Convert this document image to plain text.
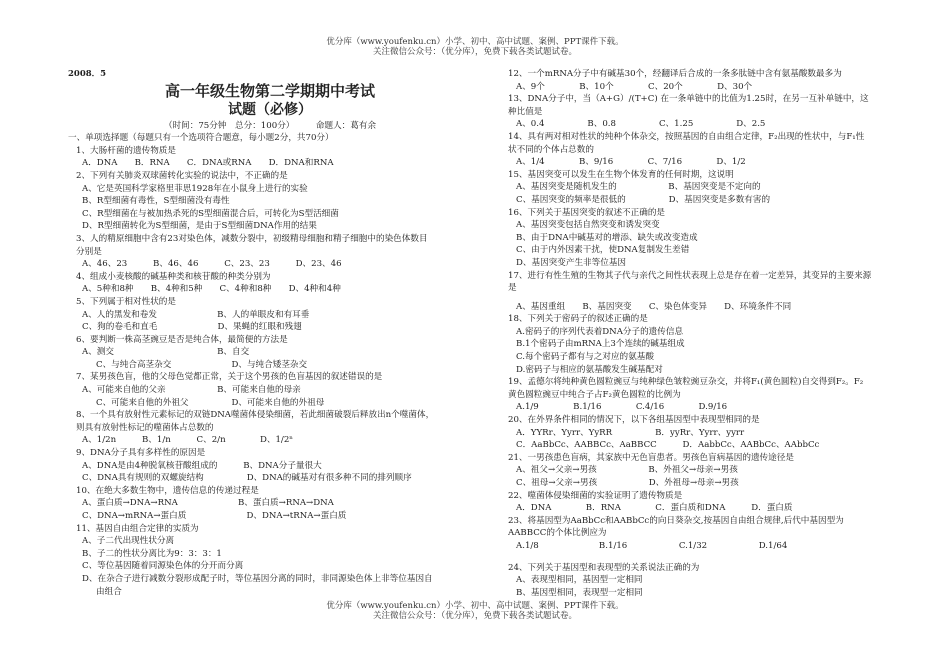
优分库（www.youfenku.cn）小学、初中、高中试题、案例、PPT课件下载。
关注微信公众号：（优分库），免费下载各类试题试卷。
2008．5
高一年级生物第二学期期中考试
试题（必修）
（时间：75分钟　总分：100分）　　　命题人：葛有余
一、单项选择题（每题只有一个选项符合题意，每小题2分，共70分）
1、大肠杆菌的遗传物质是
A．DNA　　B．RNA　　C．DNA或RNA　　D．DNA和RNA
2、下列有关肺炎双球菌转化实验的说法中，不正确的是
A、它是英国科学家格里菲思1928年在小鼠身上进行的实验
B、R型细菌有毒性，S型细菌没有毒性
C、R型细菌在与被加热杀死的S型细菌混合后，可转化为S型活细菌
D、R型细菌转化为S型细菌，是由于S型细菌DNA作用的结果
3、人的精原细胞中含有23对染色体，减数分裂中，初级精母细胞和精子细胞中的染色体数目
分别是
A、46、23　　　B、46、46　　　C、23、23　　　D、23、46
4、组成小麦核酸的碱基种类和核苷酸的种类分别为
A、5种和8种　　B、4种和5种　　C、4种和8种　　D、4种和4种
5、下列属于相对性状的是
A、人的黑发和卷发　　　　　　　B、人的单眼皮和有耳垂
C、狗的卷毛和直毛　　　　　　　D、果蝇的红眼和残翅
6、要判断一株高茎豌豆是否是纯合体，最简便的方法是
A、测交　　　　　　　　　　　　B、自交
C、与纯合高茎杂交　　　　　　　D、与纯合矮茎杂交
7、某男孩色盲，他的父母色觉都正常，关于这个男孩的色盲基因的叙述错误的是
A、可能来自他的父亲　　　　　　B、可能来自他的母亲
C、可能来自他的外祖父　　　　　D、可能来自他的外祖母
8、一个具有放射性元素标记的双链DNA噬菌体侵染细菌，若此细菌破裂后释放出n个噬菌体，
则具有放射性标记的噬菌体占总数的
A、1/2n　　　B、1/n　　　C、2/n　　　　D、1/2ⁿ
9、DNA分子具有多样性的原因是
A、DNA是由4种脱氧核苷酸组成的　　　B、DNA分子量很大
C、DNA具有规则的双螺旋结构　　　　　D、DNA的碱基对有很多种不同的排列顺序
10、在绝大多数生物中，遗传信息的传递过程是
A、蛋白质→DNA→RNA　　　　　　　B、蛋白质→RNA→DNA
C、DNA→mRNA→蛋白质　　　　　　　D、DNA→tRNA→蛋白质
11、基因自由组合定律的实质为
A、子二代出现性状分离
B、子二的性状分离比为9：3：3：1
C、等位基因随着同源染色体的分开而分离
D、在杂合子进行减数分裂形成配子时，等位基因分离的同时，非同源染色体上非等位基因自
由组合
12、一个mRNA分子中有碱基30个，经翻译后合成的一条多肽链中含有氨基酸数最多为
A、9个　　　　B、10个　　　　C、20个　　　　D、30个
13、DNA分子中，当（A+G）/(T+C) 在一条单链中的比值为1.25时，在另一互补单链中，这
种比值是
A、0.4　　　　　B、0.8　　　　　C、1.25　　　　　D、2.5
14、具有两对相对性状的纯种个体杂交，按照基因的自由组合定律，F₂出现的性状中，与F₁性
状不同的个体占总数的
A、1/4　　　　B、9/16　　　　C、7/16　　　　D、1/2
15、基因突变可以发生在生物个体发育的任何时期，这说明
A、基因突变是随机发生的　　　　　　B、基因突变是不定向的
C、基因突变的频率是很低的　　　　　D、基因突变是多数有害的
16、下列关于基因突变的叙述不正确的是
A、基因突变包括自然突变和诱发突变
B、由于DNA中碱基对的增添、缺失或改变造成
C、由于内外因素干扰，使DNA复制发生差错
D、基因突变产生非等位基因
17、进行有性生殖的生物其子代与亲代之间性状表现上总是存在着一定差异，其变异的主要来源
是
A、基因重组　　B、基因突变　　C、染色体变异　　D、环境条件不同
18、下列关于密码子的叙述正确的是
A.密码子的序列代表着DNA分子的遗传信息
B.1个密码子由mRNA上3个连续的碱基组成
C.每个密码子都有与之对应的氨基酸
D.密码子与相应的氨基酸发生碱基配对
19、孟德尔将纯种黄色圆粒豌豆与纯种绿色皱粒豌豆杂交，并将F₁(黄色圆粒)自交得到F₂。F₂
黄色圆粒豌豆中纯合子占F₂黄色圆粒的比例为
A.1/9　　　　B.1/16　　　　C.4/16　　　　D.9/16
20、在外界条件相同的情况下，以下各组基因型中表现型相同的是
A．YYRr、Yyrr、YyRR　　　　　B．yyRr、Yyrr、yyrr
C．AaBbCc、AABBCc、AaBBCC　　　D．AabbCc、AABbCc、AAbbCc
21、一男孩患色盲病，其家族中无色盲患者。男孩色盲病基因的遗传途径是
A、祖父→父亲→男孩　　　　　　B、外祖父→母亲→男孩
C、祖母→父亲→男孩　　　　　　D、外祖母→母亲→男孩
22、噬菌体侵染细菌的实验证明了遗传物质是
A．DNA　　　　B．RNA　　　　C．蛋白质和DNA　　　D．蛋白质
23、将基因型为AaBbCc和AABbCc的向日葵杂交,按基因自由组合规律,后代中基因型为
AABBCC的个体比例应为
A.1/8　　　　　　　B.1/16　　　　　　C.1/32　　　　　　D.1/64
24、下列关于基因型和表现型的关系说法正确的为
A、表现型相同，基因型一定相同
B、基因型相同，表现型一定相同
优分库（www.youfenku.cn）小学、初中、高中试题、案例、PPT课件下载。
关注微信公众号：（优分库），免费下载各类试题试卷。
